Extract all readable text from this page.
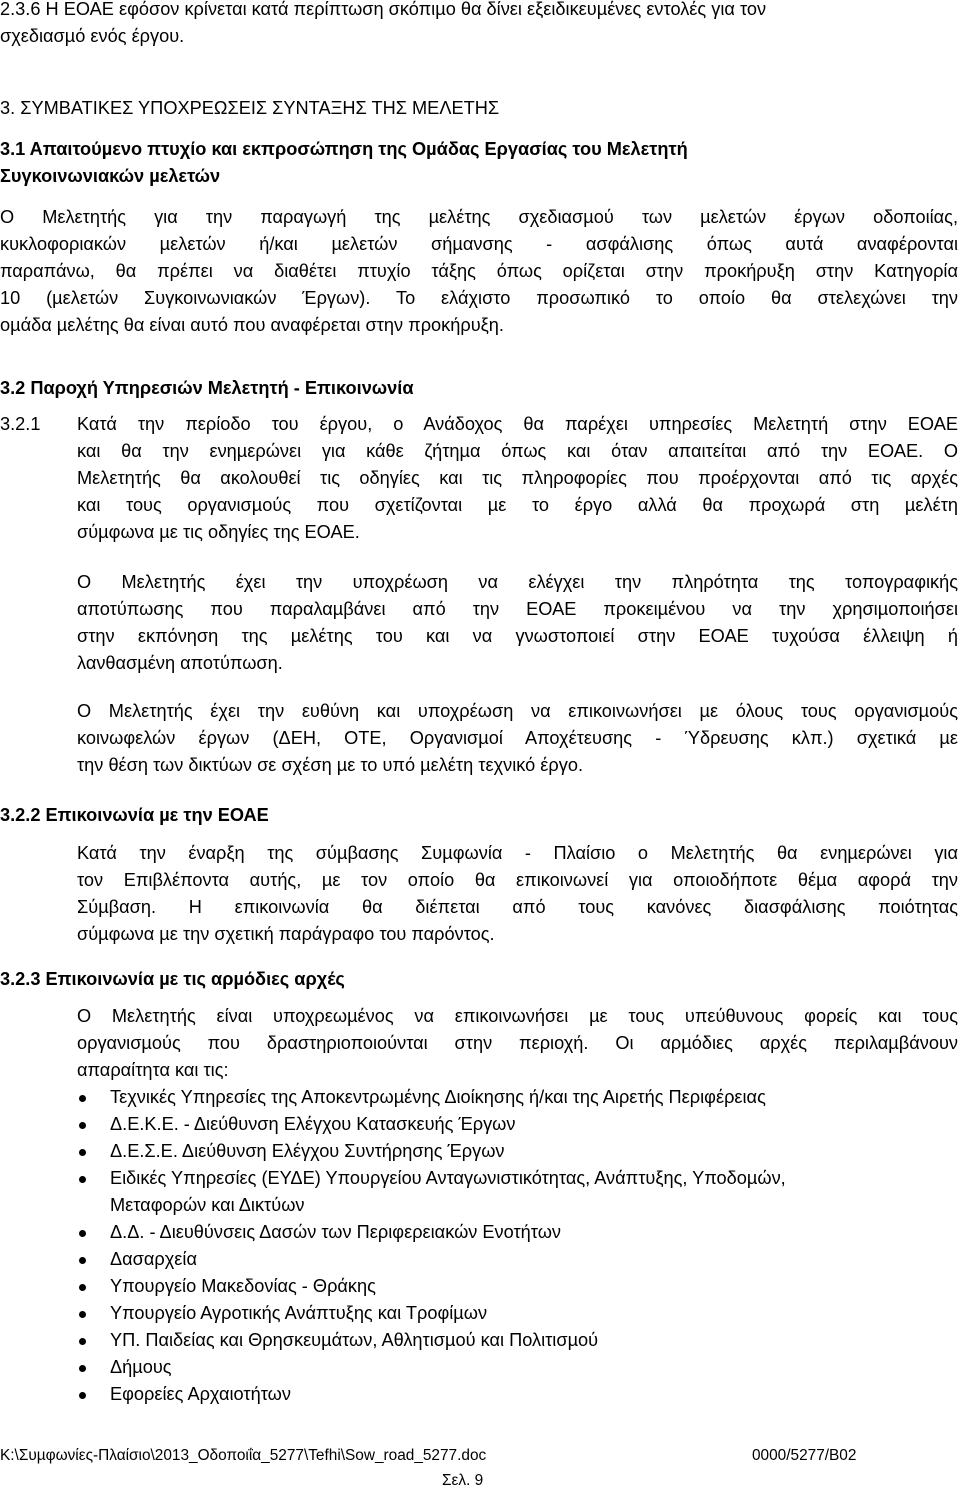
2.3.6 Η ΕΟΑΕ εφόσον κρίνεται κατά περίπτωση σκόπιµο θα δίνει εξειδικευµένες εντολές για τον
σχεδιασµό ενός έργου.
3. ΣΥΜΒΑΤΙΚΕΣ ΥΠΟΧΡΕΩΣΕΙΣ ΣΥΝΤΑΞΗΣ ΤΗΣ ΜΕΛΕΤΗΣ
3.1 Απαιτούµενο πτυχίο και εκπροσώπηση της Οµάδας Εργασίας του Μελετητή
Συγκοινωνιακών µελετών
Ο Μελετητής για την παραγωγή της µελέτης σχεδιασµού των µελετών έργων οδοποιίας,
κυκλοφοριακών µελετών ή/και µελετών σήµανσης - ασφάλισης όπως αυτά αναφέρονται
παραπάνω, θα πρέπει να διαθέτει πτυχίο τάξης όπως ορίζεται στην προκήρυξη στην Κατηγορία
10 (µελετών Συγκοινωνιακών Έργων). Το ελάχιστο προσωπικό το οποίο θα στελεχώνει την
οµάδα µελέτης θα είναι αυτό που αναφέρεται στην προκήρυξη.
3.2 Παροχή Υπηρεσιών Μελετητή - Επικοινωνία
3.2.1 Κατά την περίοδο του έργου, ο Ανάδοχος θα παρέχει υπηρεσίες Μελετητή στην ΕΟΑΕ
και θα την ενηµερώνει για κάθε ζήτηµα όπως και όταν απαιτείται από την ΕΟΑΕ. Ο
Μελετητής θα ακολουθεί τις οδηγίες και τις πληροφορίες που προέρχονται από τις αρχές
και τους οργανισµούς που σχετίζονται µε το έργο αλλά θα προχωρά στη µελέτη
σύµφωνα µε τις οδηγίες της ΕΟΑΕ.
Ο Μελετητής έχει την υποχρέωση να ελέγχει την πληρότητα της τοπογραφικής
αποτύπωσης που παραλαµβάνει από την ΕΟΑΕ προκειµένου να την χρησιµοποιήσει
στην εκπόνηση της µελέτης του και να γνωστοποιεί στην ΕΟΑΕ τυχούσα έλλειψη ή
λανθασµένη αποτύπωση.
Ο Μελετητής έχει την ευθύνη και υποχρέωση να επικοινωνήσει µε όλους τους οργανισµούς
κοινωφελών έργων (ΔΕΗ, ΟΤΕ, Οργανισµοί Αποχέτευσης - Ύδρευσης κλπ.) σχετικά µε
την θέση των δικτύων σε σχέση µε το υπό µελέτη τεχνικό έργο.
3.2.2 Επικοινωνία µε την ΕΟΑΕ
Κατά την έναρξη της σύµβασης Συµφωνία - Πλαίσιο ο Μελετητής θα ενηµερώνει για
τον Επιβλέποντα αυτής, µε τον οποίο θα επικοινωνεί για οποιοδήποτε θέµα αφορά την
Σύµβαση. Η επικοινωνία θα διέπεται από τους κανόνες διασφάλισης ποιότητας
σύµφωνα µε την σχετική παράγραφο του παρόντος.
3.2.3 Επικοινωνία µε τις αρµόδιες αρχές
Ο Μελετητής είναι υποχρεωµένος να επικοινωνήσει µε τους υπεύθυνους φορείς και τους
οργανισµούς που δραστηριοποιούνται στην περιοχή. Οι αρµόδιες αρχές περιλαµβάνουν
απαραίτητα και τις:
Τεχνικές Υπηρεσίες της Αποκεντρωµένης Διοίκησης ή/και της Αιρετής Περιφέρειας
Δ.Ε.Κ.Ε. - Διεύθυνση Ελέγχου Κατασκευής Έργων
Δ.Ε.Σ.Ε. Διεύθυνση Ελέγχου Συντήρησης Έργων
Ειδικές Υπηρεσίες (ΕΥΔΕ) Υπουργείου Ανταγωνιστικότητας, Ανάπτυξης, Υποδοµών,
Μεταφορών και Δικτύων
Δ.Δ. - Διευθύνσεις Δασών των Περιφερειακών Ενοτήτων
Δασαρχεία
Υπουργείο Μακεδονίας - Θράκης
Υπουργείο Αγροτικής Ανάπτυξης και Τροφίµων
ΥΠ. Παιδείας και Θρησκευµάτων, Αθλητισµού και Πολιτισµού
Δήµους
Εφορείες Αρχαιοτήτων
K:\Συµφωνίες-Πλαίσιο\2013_Οδοποιΐα_5277\Tefhi\Sow_road_5277.doc	0000/5277/B02
Σελ. 9
